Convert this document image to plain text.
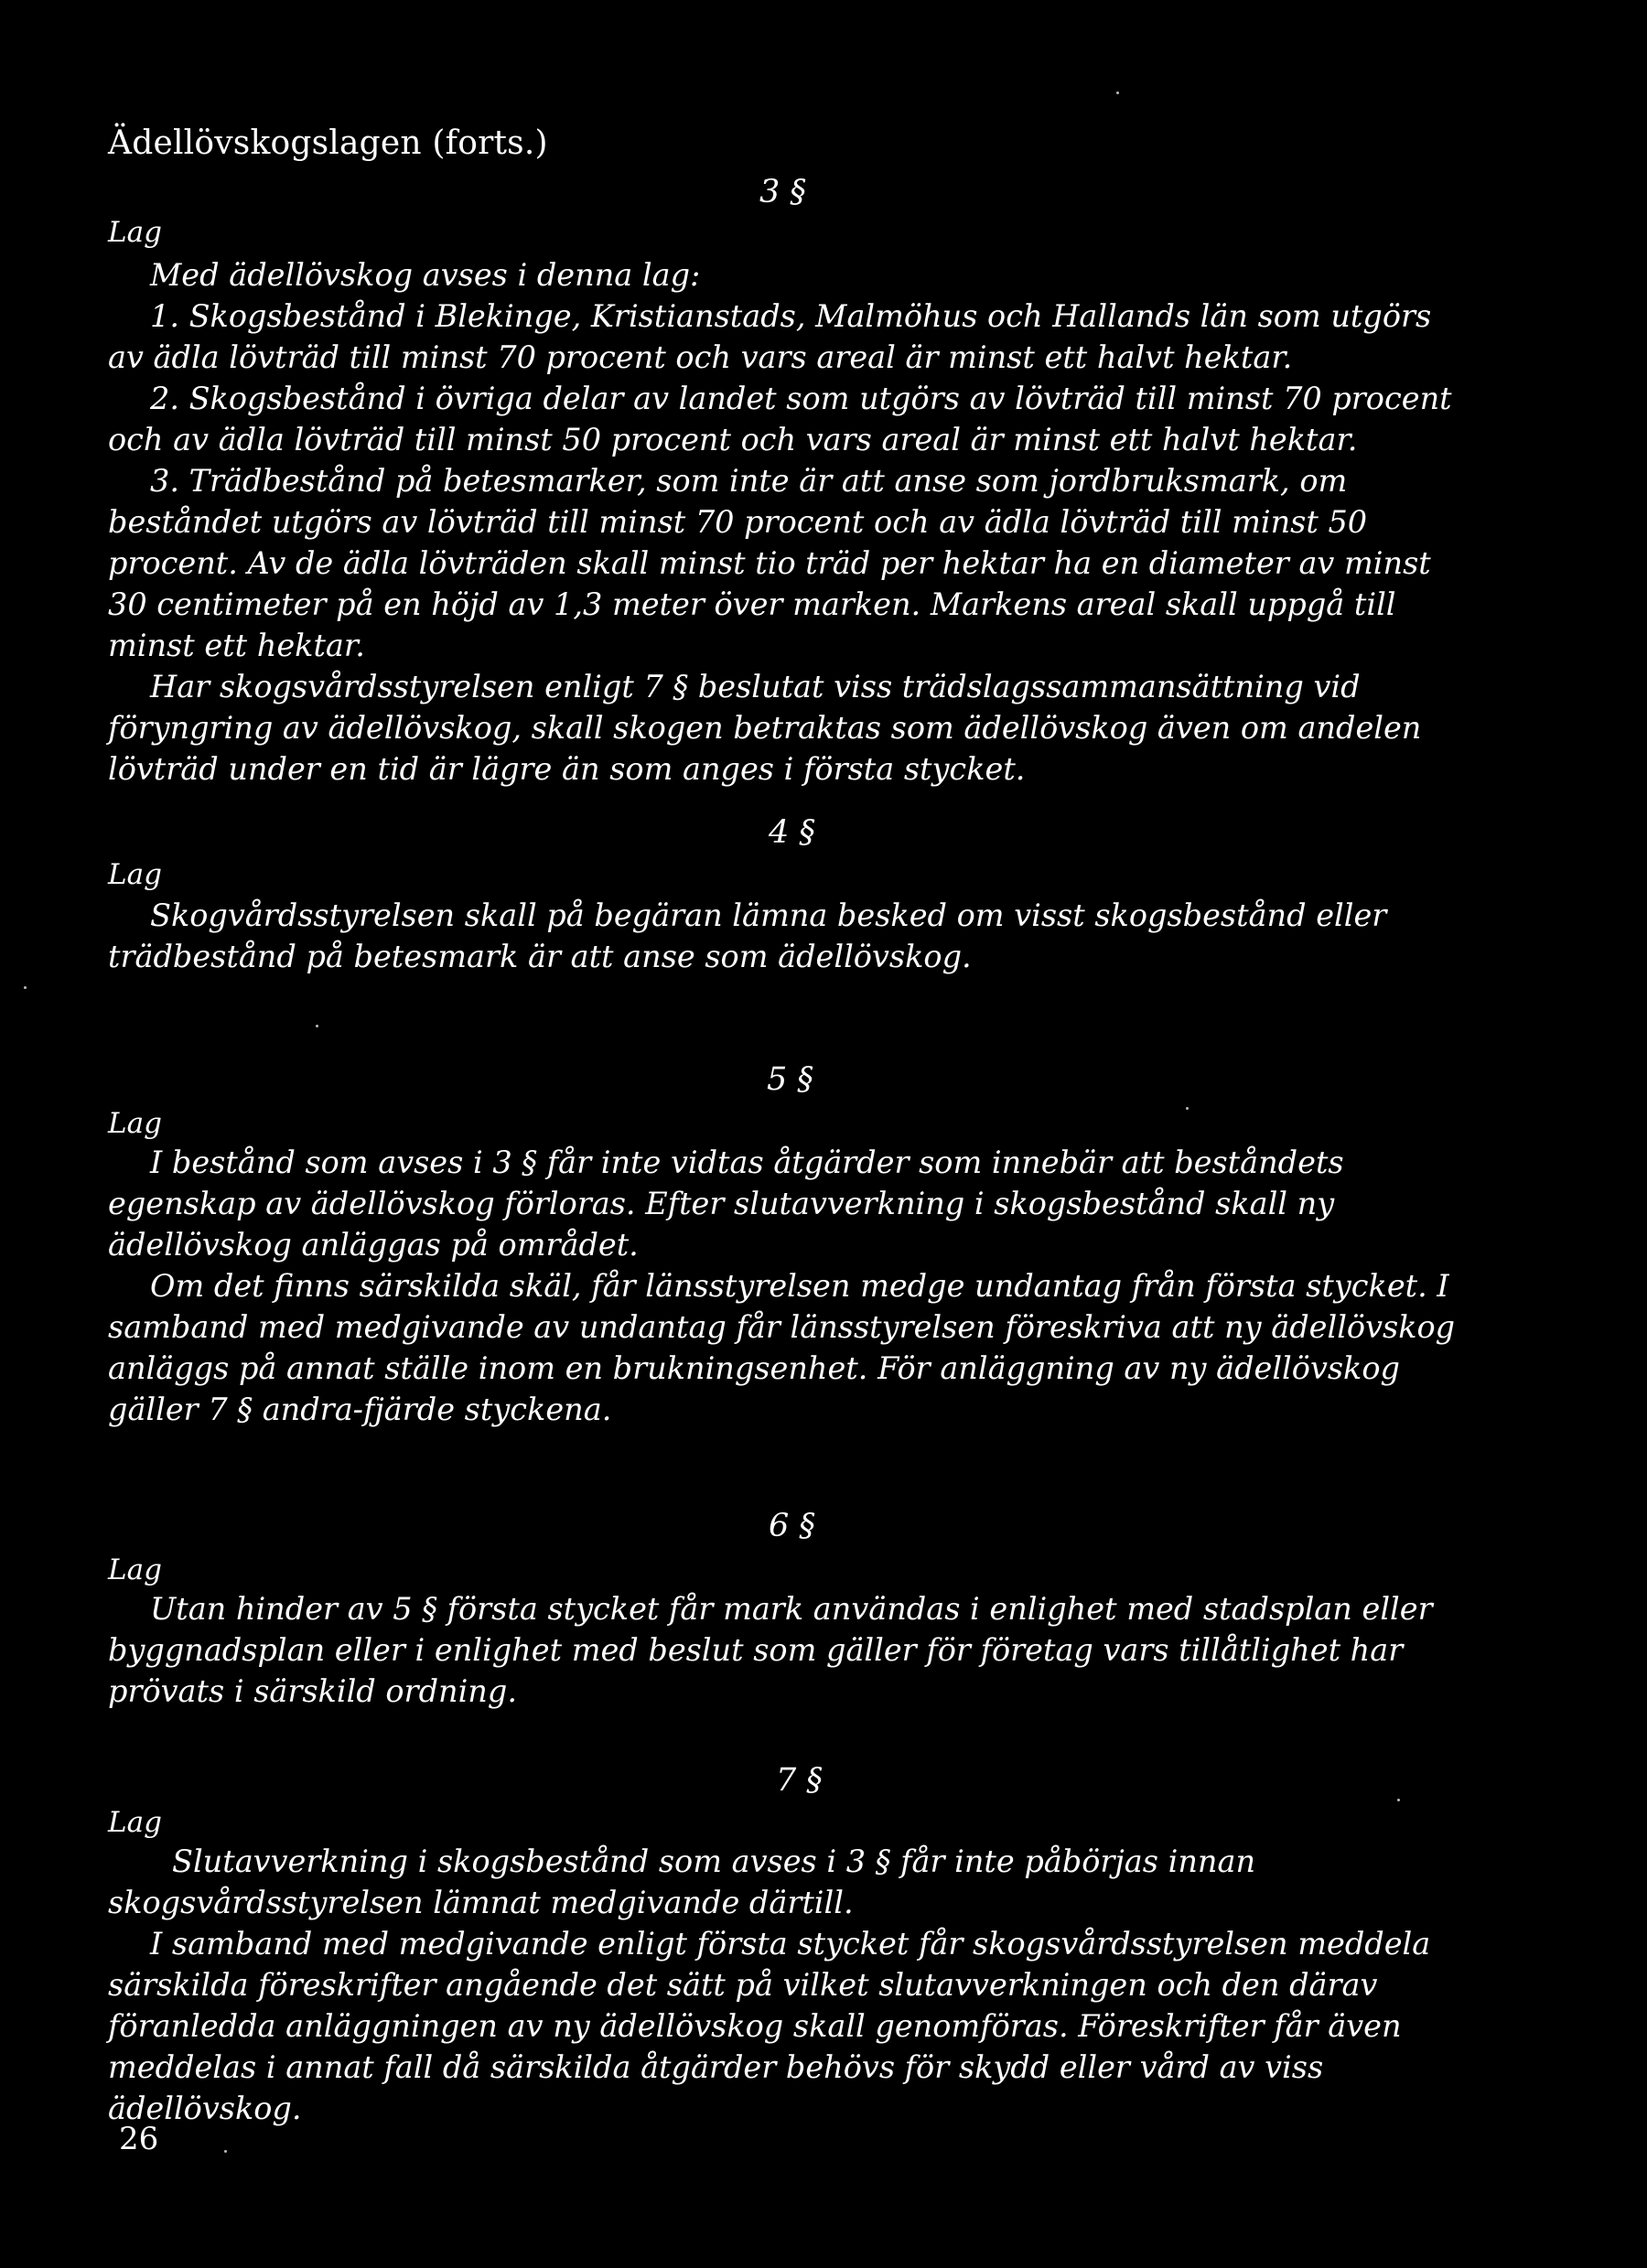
Ädellövskogslagen (forts.)
3 §
Lag

Med ädellövskog avses i denna lag:

1. Skogsbestånd i Blekinge, Kristianstads, Malmöhus och Hallands län som utgörs av ädla lövträd till minst 70 procent och vars areal är minst ett halvt hektar.

2. Skogsbestånd i övriga delar av landet som utgörs av lövträd till minst 70 procent och av ädla lövträd till minst 50 procent och vars areal är minst ett halvt hektar.

3. Trädbestånd på betesmarker, som inte är att anse som jordbruksmark, om beståndet utgörs av lövträd till minst 70 procent och av ädla lövträd till minst 50 procent. Av de ädla lövträden skall minst tio träd per hektar ha en diameter av minst 30 centimeter på en höjd av 1,3 meter över marken. Markens areal skall uppgå till minst ett hektar.

Har skogsvårdsstyrelsen enligt 7 § beslutat viss trädslagssammansättning vid föryngring av ädellövskog, skall skogen betraktas som ädellövskog även om andelen lövträd under en tid är lägre än som anges i första stycket.

4 §
Lag

Skogvårdsstyrelsen skall på begäran lämna besked om visst skogsbestånd eller trädbestånd på betesmark är att anse som ädellövskog.

5 §
Lag

I bestånd som avses i 3 § får inte vidtas åtgärder som innebär att beståndets egenskap av ädellövskog förloras. Efter slutavverkning i skogsbestånd skall ny ädellövskog anläggas på området.

Om det finns särskilda skäl, får länsstyrelsen medge undantag från första stycket. I samband med medgivande av undantag får länsstyrelsen föreskriva att ny ädellövskog anläggs på annat ställe inom en brukningsenhet. För anläggning av ny ädellövskog gäller 7 § andra-fjärde styckena.

6 §
Lag

Utan hinder av 5 § första stycket får mark användas i enlighet med stadsplan eller byggnadsplan eller i enlighet med beslut som gäller för företag vars tillåtlighet har prövats i särskild ordning.

7 §
Lag

Slutavverkning i skogsbestånd som avses i 3 § får inte påbörjas innan skogsvårdsstyrelsen lämnat medgivande därtill.

I samband med medgivande enligt första stycket får skogsvårdsstyrelsen meddela särskilda föreskrifter angående det sätt på vilket slutavverkningen och den därav föranledda anläggningen av ny ädellövskog skall genomföras. Föreskrifter får även meddelas i annat fall då särskilda åtgärder behövs för skydd eller vård av viss ädellövskog.

26
